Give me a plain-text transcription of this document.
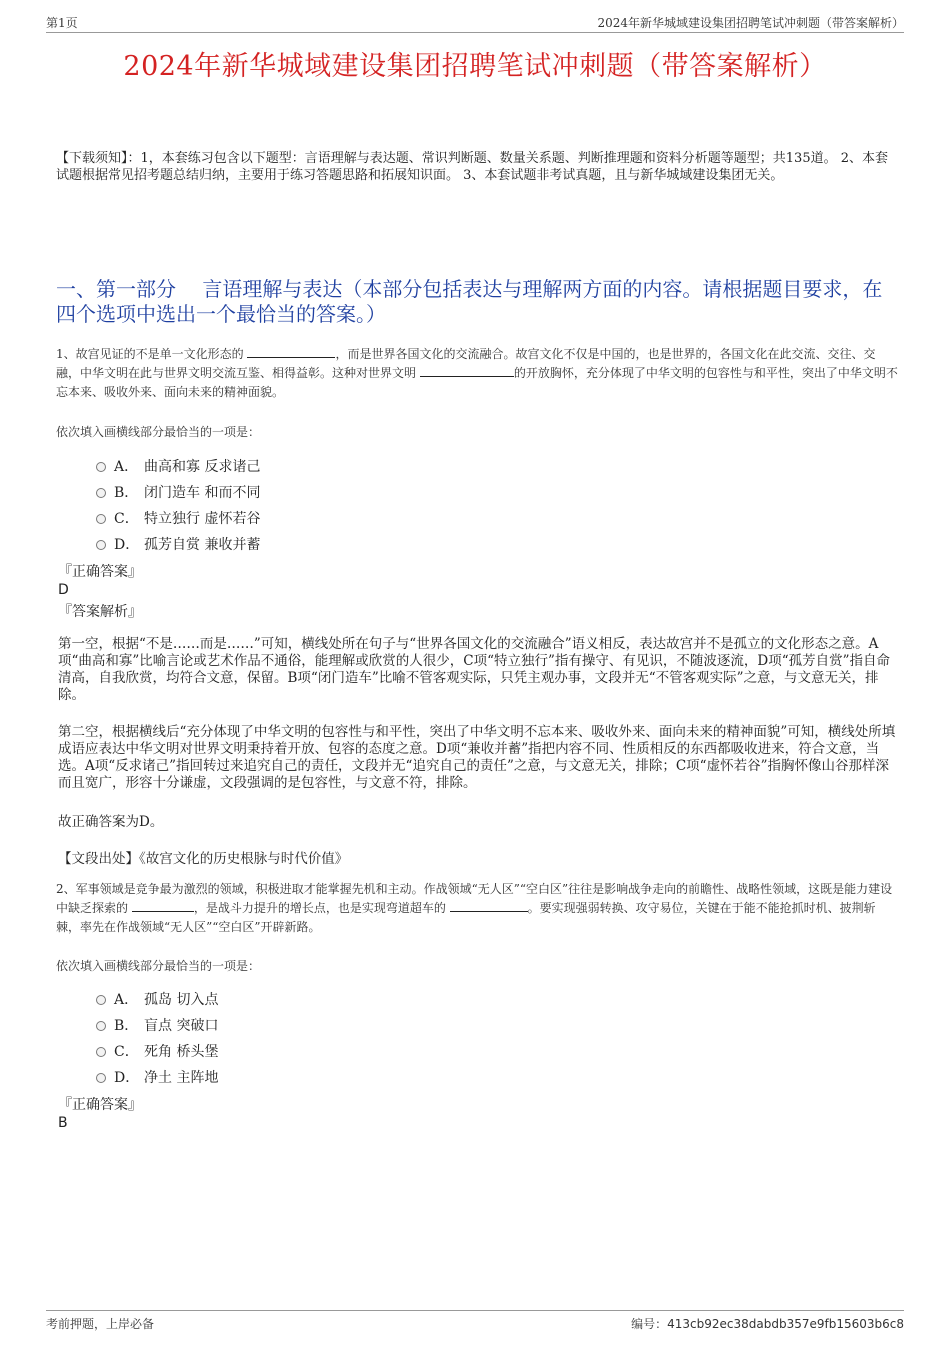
第1页	2024年新华城域建设集团招聘笔试冲刺题（带答案解析）
2024年新华城域建设集团招聘笔试冲刺题（带答案解析）
【下载须知】：1，本套练习包含以下题型：言语理解与表达题、常识判断题、数量关系题、判断推理题和资料分析题等题型；共135道。 2、本套试题根据常见招考题总结归纳，主要用于练习答题思路和拓展知识面。 3、本套试题非考试真题，且与新华城域建设集团无关。
一、第一部分　 言语理解与表达（本部分包括表达与理解两方面的内容。请根据题目要求，在四个选项中选出一个最恰当的答案。）

1、故宫见证的不是单一文化形态的	，而是世界各国文化的交流融合。故宫文化不仅是中国的，也是世界的，各国文化在此交流、交往、交融，中华文明在此与世界文明交流互鉴、相得益彰。这种对世界文明	的开放胸怀，充分体现了中华文明的包容性与和平性，突出了中华文明不忘本来、吸收外来、面向未来的精神面貌。

依次填入画横线部分最恰当的一项是：

A． 曲高和寡 反求诸己
B． 闭门造车 和而不同
C． 特立独行 虚怀若谷
D． 孤芳自赏 兼收并蓄

『正确答案』

D

『答案解析』

第一空，根据“不是……而是……”可知，横线处所在句子与“世界各国文化的交流融合”语义相反，表达故宫并不是孤立的文化形态之意。A项“曲高和寡”比喻言论或艺术作品不通俗，能理解或欣赏的人很少，C项“特立独行”指有操守、有见识，不随波逐流，D项“孤芳自赏”指自命清高，自我欣赏，均符合文意，保留。B项“闭门造车”比喻不管客观实际，只凭主观办事，文段并无“不管客观实际”之意，与文意无关，排除。

第二空，根据横线后“充分体现了中华文明的包容性与和平性，突出了中华文明不忘本来、吸收外来、面向未来的精神面貌”可知，横线处所填成语应表达中华文明对世界文明秉持着开放、包容的态度之意。D项“兼收并蓄”指把内容不同、性质相反的东西都吸收进来，符合文意，当选。A项“反求诸己”指回转过来追究自己的责任，文段并无“追究自己的责任”之意，与文意无关，排除；C项“虚怀若谷”指胸怀像山谷那样深而且宽广，形容十分谦虚，文段强调的是包容性，与文意不符，排除。

故正确答案为D。

【文段出处】《故宫文化的历史根脉与时代价值》

2、军事领域是竞争最为激烈的领域，积极进取才能掌握先机和主动。作战领域“无人区”“空白区”往往是影响战争走向的前瞻性、战略性领域，这既是能力建设中缺乏探索的	，是战斗力提升的增长点，也是实现弯道超车的	。要实现强弱转换、攻守易位，关键在于能不能抢抓时机、披荆斩棘，率先在作战领域“无人区”“空白区”开辟新路。

依次填入画横线部分最恰当的一项是：

A． 孤岛 切入点
B． 盲点 突破口
C． 死角 桥头堡
D． 净土 主阵地

『正确答案』

B

考前押题，上岸必备	编号：413cb92ec38dabdb357e9fb15603b6c8
